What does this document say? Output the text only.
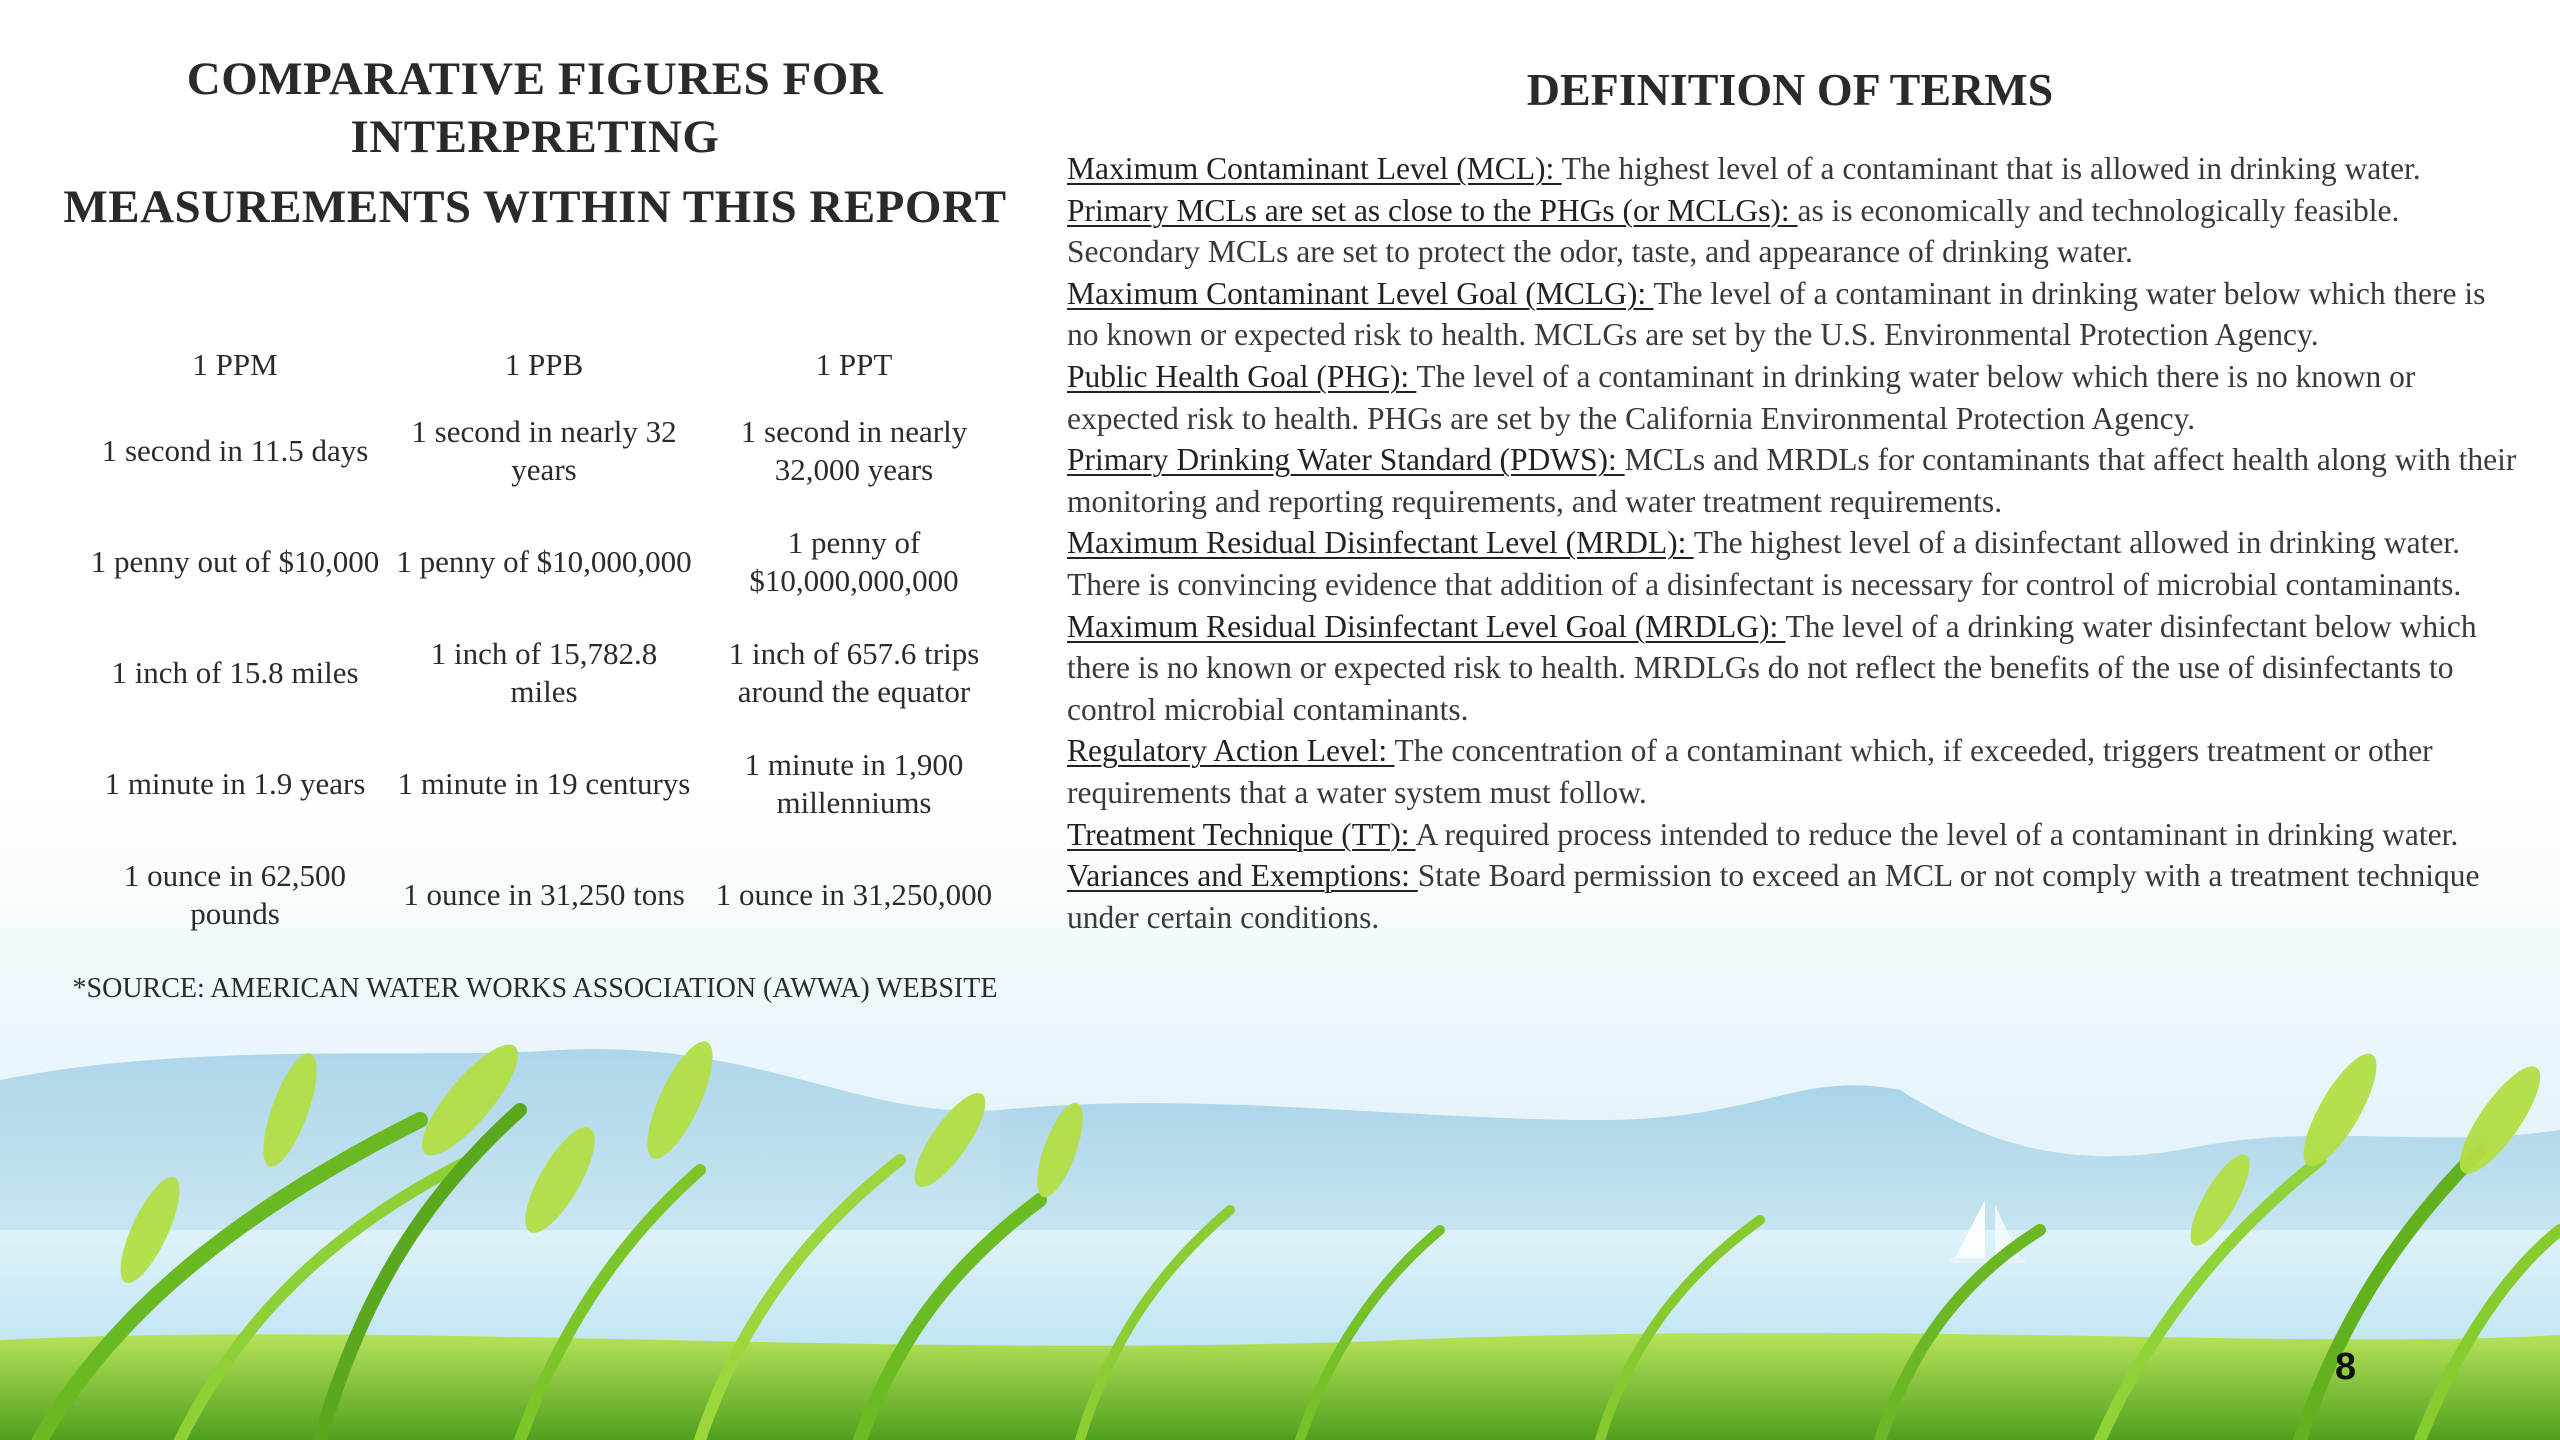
COMPARATIVE FIGURES FOR INTERPRETING
MEASUREMENTS WITHIN THIS REPORT
1 PPM	1 PPB	1 PPT
1 second in 11.5 days	1 second in nearly 32 years	1 second in nearly 32,000 years
1 penny out of $10,000	1 penny of $10,000,000	1 penny of $10,000,000,000
1 inch of 15.8 miles	1 inch of 15,782.8 miles	1 inch of 657.6 trips around the equator
1 minute in 1.9 years	1 minute in 19 centurys	1 minute in 1,900 millenniums
1 ounce in 62,500 pounds	1 ounce in 31,250 tons	1 ounce in 31,250,000
*SOURCE: AMERICAN WATER WORKS ASSOCIATION (AWWA) WEBSITE
DEFINITION OF TERMS

Maximum Contaminant Level (MCL): The highest level of a contaminant that is allowed in drinking water.

Primary MCLs are set as close to the PHGs (or MCLGs): as is economically and technologically feasible. Secondary MCLs are set to protect the odor, taste, and appearance of drinking water.

Maximum Contaminant Level Goal (MCLG): The level of a contaminant in drinking water below which there is no known or expected risk to health. MCLGs are set by the U.S. Environmental Protection Agency.

Public Health Goal (PHG): The level of a contaminant in drinking water below which there is no known or expected risk to health. PHGs are set by the California Environmental Protection Agency.

Primary Drinking Water Standard (PDWS): MCLs and MRDLs for contaminants that affect health along with their monitoring and reporting requirements, and water treatment requirements.

Maximum Residual Disinfectant Level (MRDL): The highest level of a disinfectant allowed in drinking water. There is convincing evidence that addition of a disinfectant is necessary for control of microbial contaminants.

Maximum Residual Disinfectant Level Goal (MRDLG): The level of a drinking water disinfectant below which there is no known or expected risk to health. MRDLGs do not reflect the benefits of the use of disinfectants to control microbial contaminants.

Regulatory Action Level: The concentration of a contaminant which, if exceeded, triggers treatment or other requirements that a water system must follow.

Treatment Technique (TT): A required process intended to reduce the level of a contaminant in drinking water.

Variances and Exemptions: State Board permission to exceed an MCL or not comply with a treatment technique under certain conditions.

8
